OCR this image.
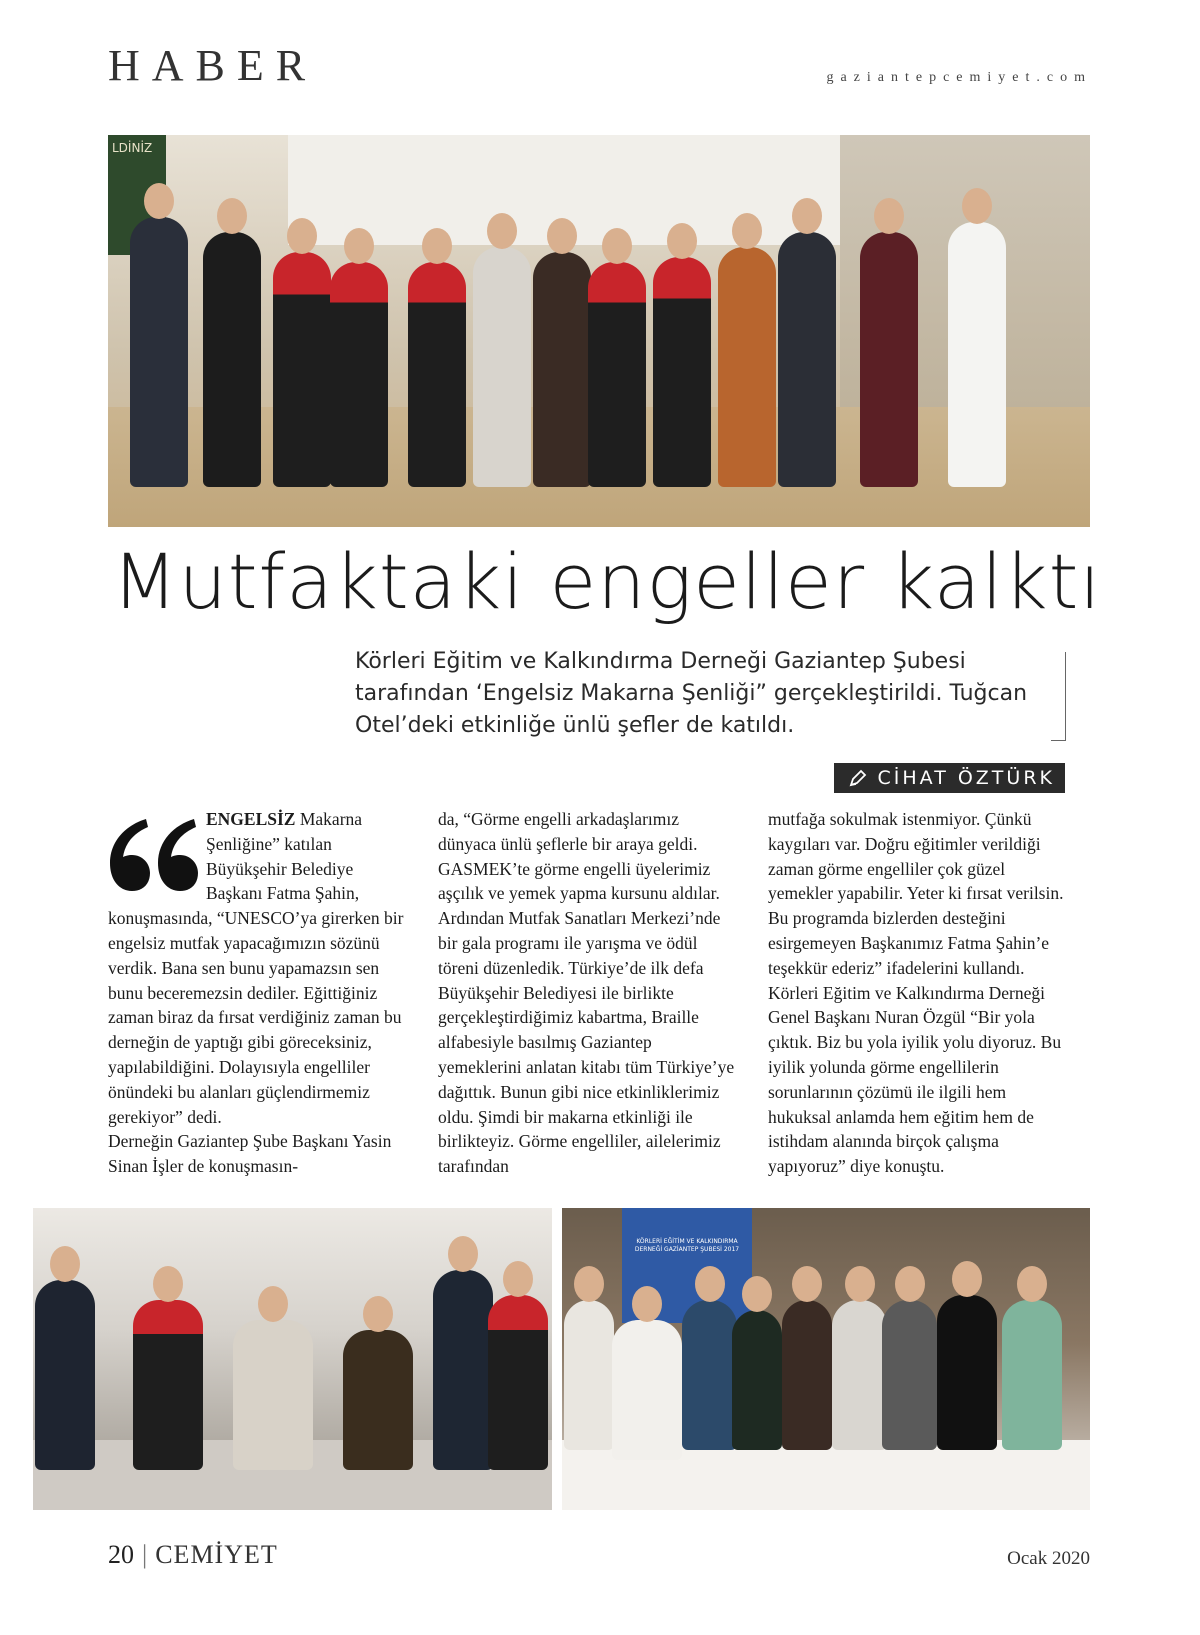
HABER	gaziantepcemiyet.com
LDİNİZ
Mutfaktaki engeller kalktı

Körleri Eğitim ve Kalkındırma Derneği Gaziantep Şubesi tarafından ‘Engelsiz Makarna Şenliği” gerçekleştirildi. Tuğcan Otel’deki etkinliğe ünlü şefler de katıldı.

CİHAT ÖZTÜRK

ENGELSİZ Makarna Şenliğine” katılan Büyükşehir Belediye Başkanı Fatma Şahin, konuşmasında, “UNESCO’ya girerken bir engelsiz mutfak yapacağımızın sözünü verdik. Bana sen bunu yapamazsın sen bunu beceremezsin dediler. Eğittiğiniz zaman biraz da fırsat verdiğiniz zaman bu derneğin de yaptığı gibi göreceksiniz, yapılabildiğini. Dolayısıyla engelliler önündeki bu alanları güçlendirmemiz gerekiyor” dedi.

Derneğin Gaziantep Şube Başkanı Yasin Sinan İşler de konuşmasın-

da, “Görme engelli arkadaşlarımız dünyaca ünlü şeflerle bir araya geldi. GASMEK’te görme engelli üyelerimiz aşçılık ve yemek yapma kursunu aldılar. Ardından Mutfak Sanatları Merkezi’nde bir gala programı ile yarışma ve ödül töreni düzenledik. Türkiye’de ilk defa Büyükşehir Belediyesi ile birlikte gerçekleştirdiğimiz kabartma, Braille alfabesiyle basılmış Gaziantep yemeklerini anlatan kitabı tüm Türkiye’ye dağıttık. Bunun gibi nice etkinliklerimiz oldu. Şimdi bir makarna etkinliği ile birlikteyiz. Görme engelliler, ailelerimiz tarafından

mutfağa sokulmak istenmiyor. Çünkü kaygıları var. Doğru eğitimler verildiği zaman görme engelliler çok güzel yemekler yapabilir. Yeter ki fırsat verilsin. Bu programda bizlerden desteğini esirgemeyen Başkanımız Fatma Şahin’e teşekkür ederiz” ifadelerini kullandı. Körleri Eğitim ve Kalkındırma Derneği Genel Başkanı Nuran Özgül “Bir yola çıktık. Biz bu yola iyilik yolu diyoruz. Bu iyilik yolunda görme engellilerin sorunlarının çözümü ile ilgili hem hukuksal anlamda hem eğitim hem de istihdam alanında birçok çalışma yapıyoruz” diye konuştu.

KÖRLERİ EĞİTİM VE KALKINDIRMA DERNEĞİ GAZİANTEP ŞUBESİ 2017
20 | CEMİYET	Ocak 2020
